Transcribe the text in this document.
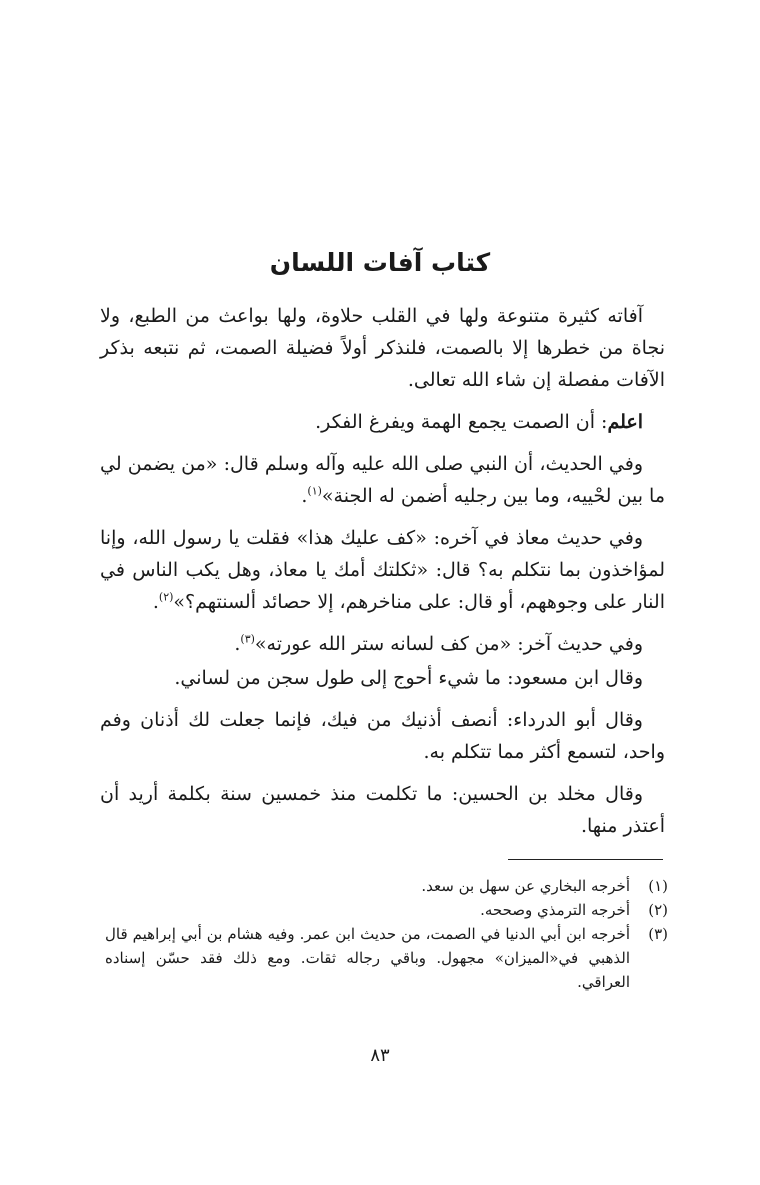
كتاب آفات اللسان

آفاته كثيرة متنوعة ولها في القلب حلاوة، ولها بواعث من الطبع، ولا نجاة من خطرها إلا بالصمت، فلنذكر أولاً فضيلة الصمت، ثم نتبعه بذكر الآفات مفصلة إن شاء الله تعالى.

اعلم: أن الصمت يجمع الهمة ويفرغ الفكر.

وفي الحديث، أن النبي صلى الله عليه وآله وسلم قال: «من يضمن لي ما بين لحْييه، وما بين رجليه أضمن له الجنة»$^{(١)}$.

وفي حديث معاذ في آخره: «كف عليك هذا» فقلت يا رسول الله، وإنا لمؤاخذون بما نتكلم به؟ قال: «ثكلتك أمك يا معاذ، وهل يكب الناس في النار على وجوههم، أو قال: على مناخرهم، إلا حصائد ألسنتهم؟»$^{(٢)}$.

وفي حديث آخر: «من كف لسانه ستر الله عورته»$^{(٣)}$.

وقال ابن مسعود: ما شيء أحوج إلى طول سجن من لساني.

وقال أبو الدرداء: أنصف أذنيك من فيك، فإنما جعلت لك أذنان وفم واحد، لتسمع أكثر مما تتكلم به.

وقال مخلد بن الحسين: ما تكلمت منذ خمسين سنة بكلمة أريد أن أعتذر منها.

(١)
أخرجه البخاري عن سهل بن سعد.
(٢)
أخرجه الترمذي وصححه.
(٣)
أخرجه ابن أبي الدنيا في الصمت، من حديث ابن عمر. وفيه هشام بن أبي إبراهيم قال الذهبي في«الميزان» مجهول. وباقي رجاله ثقات. ومع ذلك فقد حسّن إسناده العراقي.
٨٣
